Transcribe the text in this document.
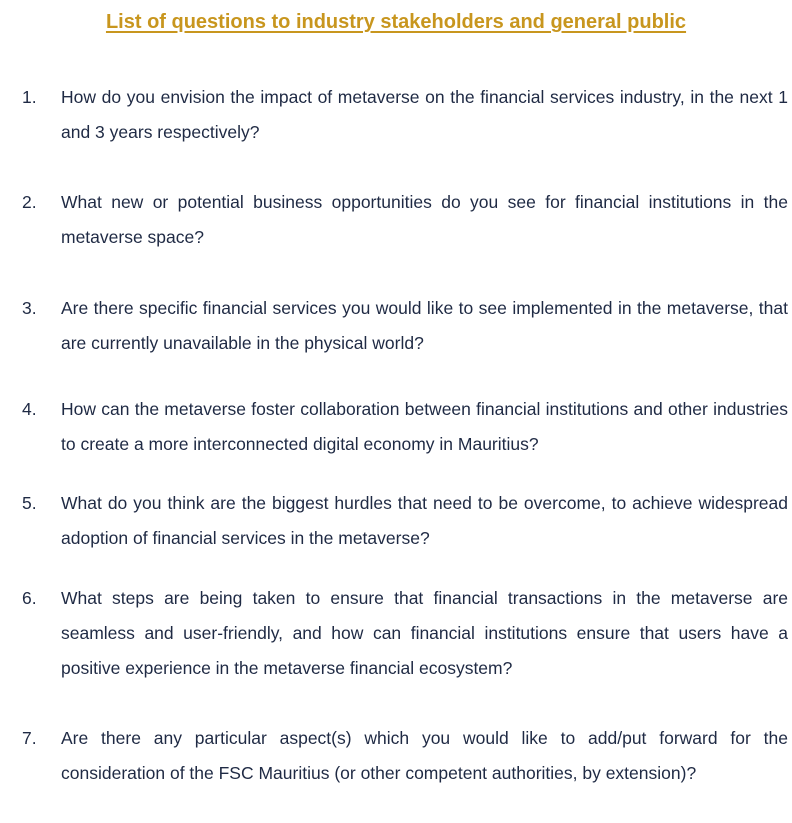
List of questions to industry stakeholders and general public
1. How do you envision the impact of metaverse on the financial services industry, in the next 1 and 3 years respectively?

2. What new or potential business opportunities do you see for financial institutions in the metaverse space?

3. Are there specific financial services you would like to see implemented in the metaverse, that are currently unavailable in the physical world?

4. How can the metaverse foster collaboration between financial institutions and other industries to create a more interconnected digital economy in Mauritius?

5. What do you think are the biggest hurdles that need to be overcome, to achieve widespread adoption of financial services in the metaverse?

6. What steps are being taken to ensure that financial transactions in the metaverse are seamless and user-friendly, and how can financial institutions ensure that users have a positive experience in the metaverse financial ecosystem?

7. Are there any particular aspect(s) which you would like to add/put forward for the consideration of the FSC Mauritius (or other competent authorities, by extension)?
